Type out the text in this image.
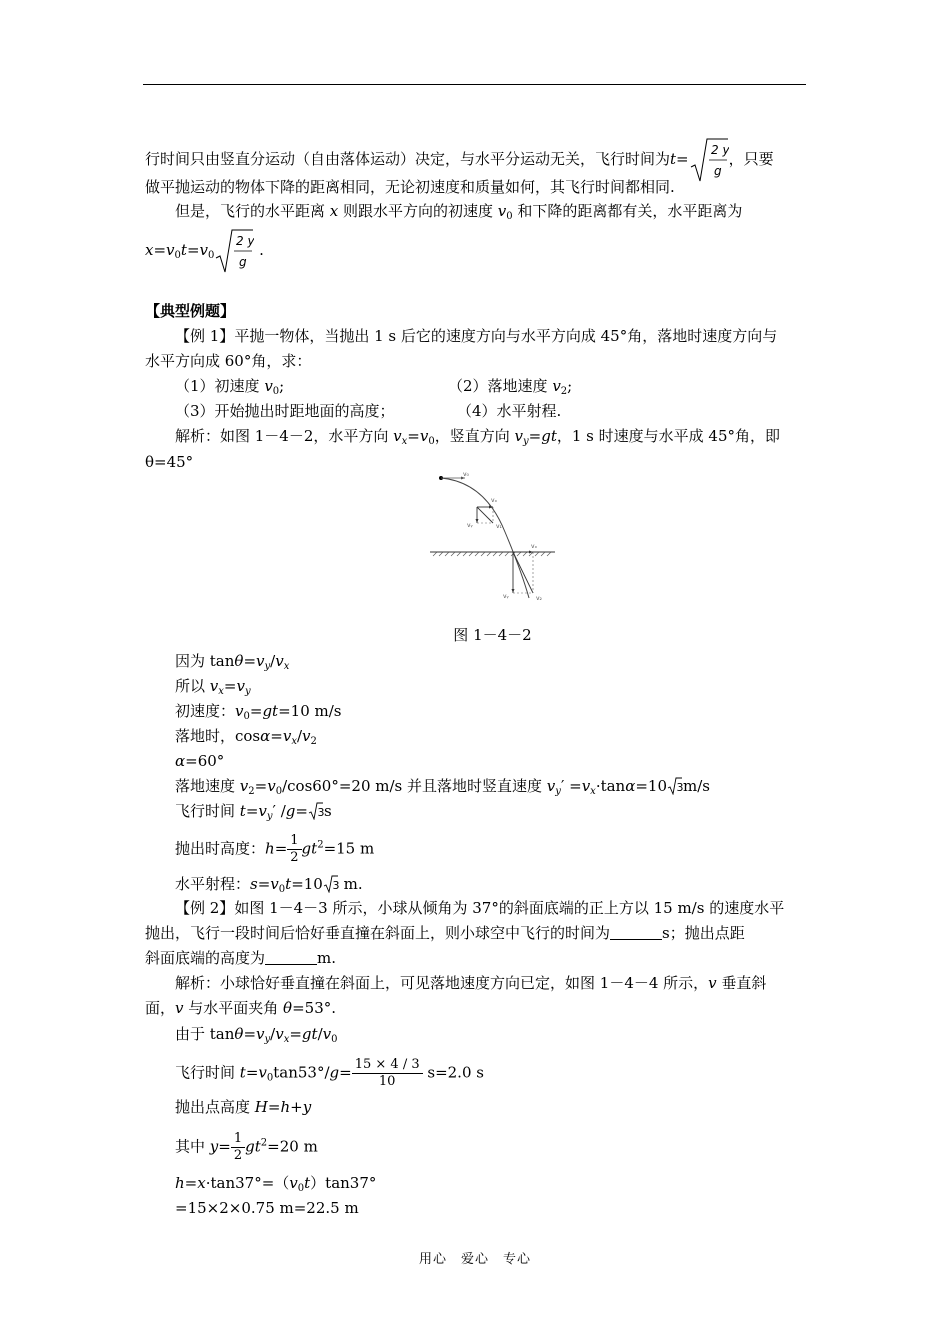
行时间只由竖直分运动（自由落体运动）决定，与水平分运动无关，飞行时间为t= 2 y
g
，只要
做平抛运动的物体下降的距离相同，无论初速度和质量如何，其飞行时间都相同.
但是，飞行的水平距离 x 则跟水平方向的初速度 $v_0$ 和下降的距离都有关，水平距离为
$x=v_0t=v_0$
2 y
g
.
【典型例题】
【例 1】平抛一物体，当抛出 1 s 后它的速度方向与水平方向成 45°角，落地时速度方向与
水平方向成 60°角，求：
（1）初速度 $v_0$;	（2）落地速度 $v_2$;
（3）开始抛出时距地面的高度；	（4）水平射程.
解析：如图 1－4－2，水平方向 $v_x=v_0$，竖直方向 $v_y=gt$，1 s 时速度与水平成 45°角，即
θ=45°
v₀
vₓ
vᵧ	v₁
vₓ
vᵧ	v₂
图 1－4－2
因为 $\tan\theta=v_y/v_x$
所以 $v_x=v_y$
初速度：$v_0=gt=10$ m/s
落地时，$\cos\alpha=v_x/v_2$
α=60°
落地速度 $v_2=v_0/\cos 60^\circ=20$ m/s 并且落地时竖直速度 $v_y' =v_x\cdot\tan\alpha=10$ 3 m/s
飞行时间 $t=v_y'$ /g= 3 s
抛出时高度：$h= \frac{1}{2} gt^2=15$ m
水平射程：$s=v_0t=10$ 3 m.
【例 2】如图 1－4－3 所示，小球从倾角为 37°的斜面底端的正上方以 15 m/s 的速度水平
抛出，飞行一段时间后恰好垂直撞在斜面上，则小球空中飞行的时间为	s；抛出点距
斜面底端的高度为	m.
解析：小球恰好垂直撞在斜面上，可见落地速度方向已定，如图 1－4－4 所示，v 垂直斜
面，v 与水平面夹角 θ=53°.
由于 $\tan\theta=v_y/v_x=gt/v_0$
飞行时间 $t=v_0\tan 53^\circ/g= \frac{15 \times 4 / 3}{10} s=2.0$ s
抛出点高度 H=h+y
其中 $y= \frac{1}{2} gt^2=20$ m
$h=x\cdot\tan 37^\circ=(v_0t)\tan 37^\circ$
=15×2×0.75 m=22.5 m
用心　爱心　专心
